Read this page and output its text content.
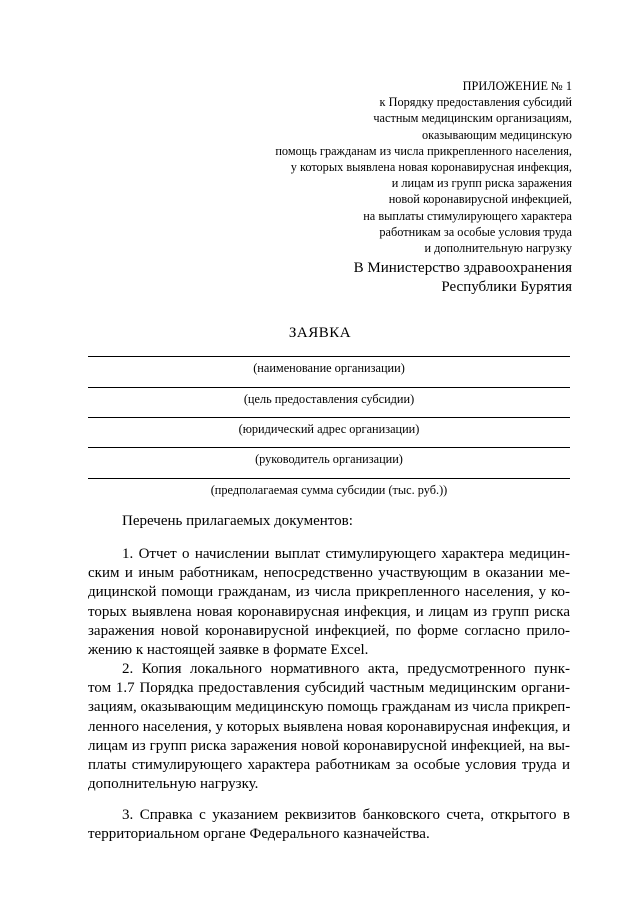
ПРИЛОЖЕНИЕ № 1
к Порядку предоставления субсидий
частным медицинским организациям,
оказывающим медицинскую
помощь гражданам из числа прикрепленного населения,
у которых выявлена новая коронавирусная инфекция,
и лицам из групп риска заражения
новой коронавирусной инфекцией,
на выплаты стимулирующего характера
работникам за особые условия труда
и дополнительную нагрузку
В Министерство здравоохранения
Республики Бурятия
ЗАЯВКА
(наименование организации)
(цель предоставления субсидии)
(юридический адрес организации)
(руководитель организации)
(предполагаемая сумма субсидии (тыс. руб.))
Перечень прилагаемых документов:
1. Отчет о начислении выплат стимулирующего характера медицин-
ским и иным работникам, непосредственно участвующим в оказании ме-
дицинской помощи гражданам, из числа прикрепленного населения, у ко-
торых выявлена новая коронавирусная инфекция, и лицам из групп риска
заражения новой коронавирусной инфекцией, по форме согласно прило-
жению к настоящей заявке в формате Excel.
2. Копия локального нормативного акта, предусмотренного пунк-
том 1.7 Порядка предоставления субсидий частным медицинским органи-
зациям, оказывающим медицинскую помощь гражданам из числа прикреп-
ленного населения, у которых выявлена новая коронавирусная инфекция, и
лицам из групп риска заражения новой коронавирусной инфекцией, на вы-
платы стимулирующего характера работникам за особые условия труда и
дополнительную нагрузку.
3. Справка с указанием реквизитов банковского счета, открытого в
территориальном органе Федерального казначейства.
